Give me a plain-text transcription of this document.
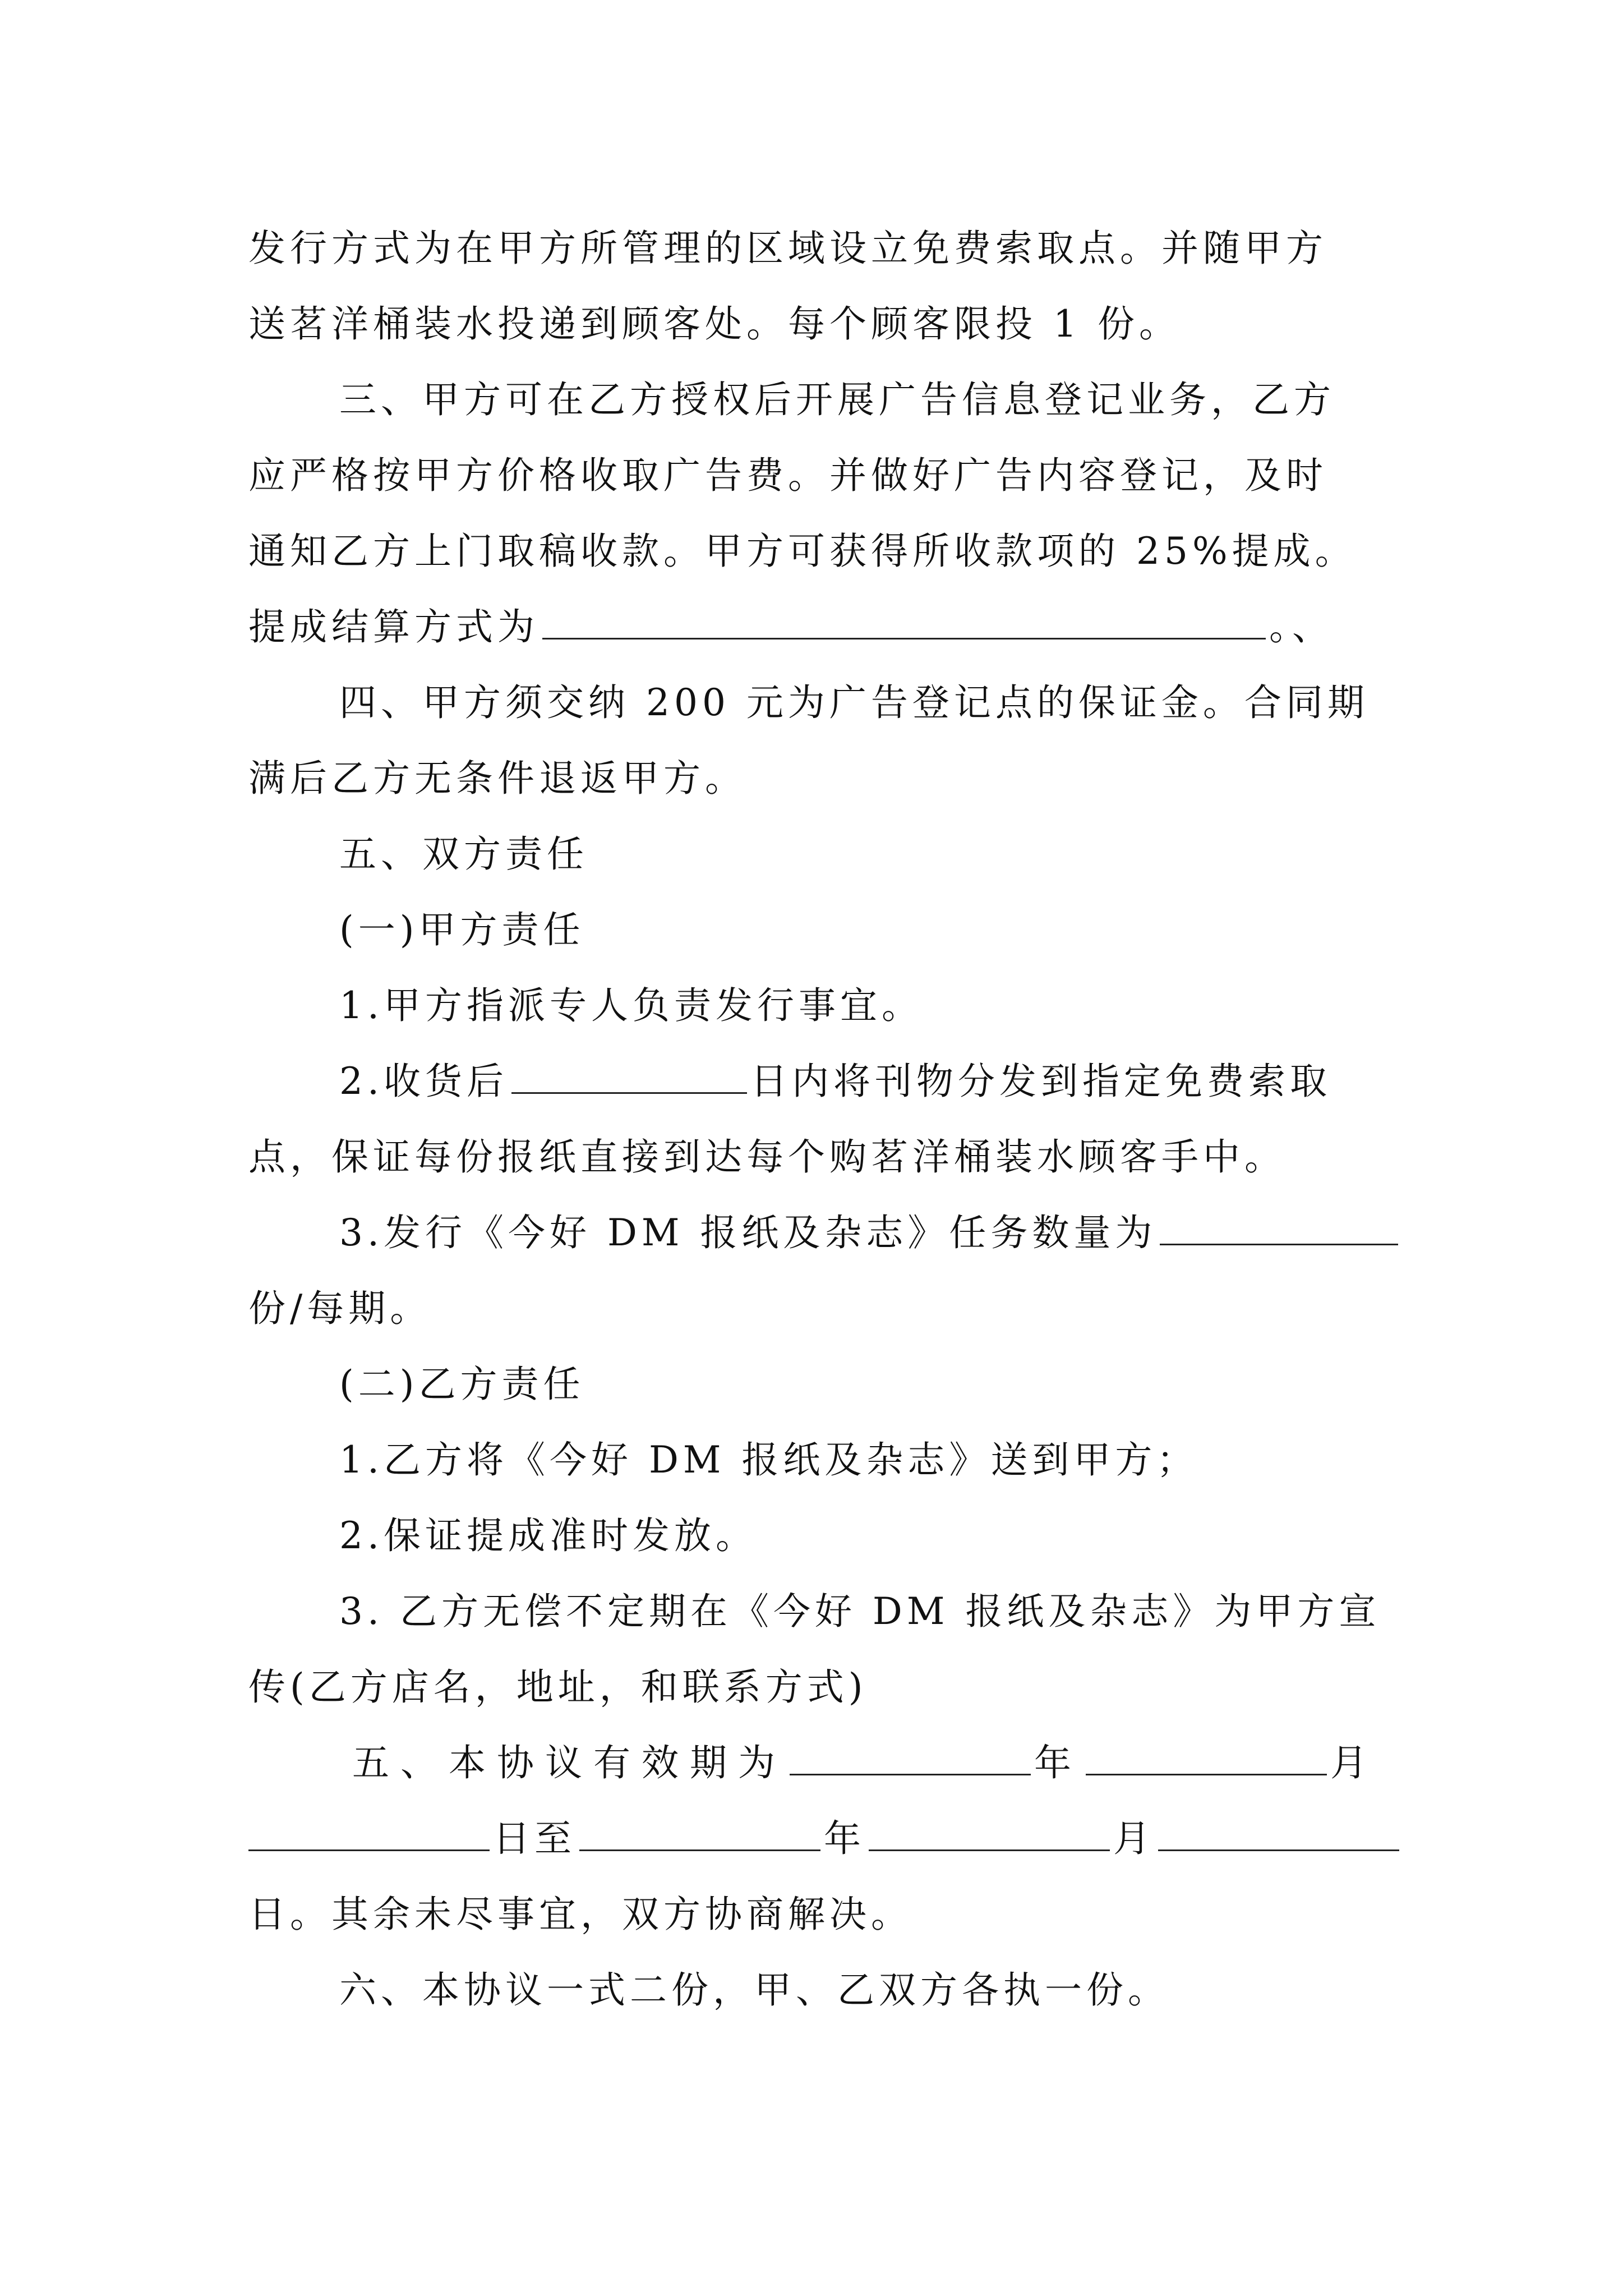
发行方式为在甲方所管理的区域设立免费索取点。并随甲方

送茗洋桶装水投递到顾客处。每个顾客限投 1 份。

三、甲方可在乙方授权后开展广告信息登记业务，乙方

应严格按甲方价格收取广告费。并做好广告内容登记，及时

通知乙方上门取稿收款。甲方可获得所收款项的 25%提成。

提成结算方式为	。、

四、甲方须交纳 200 元为广告登记点的保证金。合同期

满后乙方无条件退返甲方。

五、双方责任

(一)甲方责任

1.甲方指派专人负责发行事宜。

2.收货后	日内将刊物分发到指定免费索取

点，保证每份报纸直接到达每个购茗洋桶装水顾客手中。

3.发行《今好 DM 报纸及杂志》任务数量为

份/每期。

(二)乙方责任

1.乙方将《今好 DM 报纸及杂志》送到甲方；

2.保证提成准时发放。

3. 乙方无偿不定期在《今好 DM 报纸及杂志》为甲方宣

传(乙方店名，地址，和联系方式)

五、本协议有效期为	年	月

日至	年	月

日。其余未尽事宜，双方协商解决。

六、本协议一式二份，甲、乙双方各执一份。
